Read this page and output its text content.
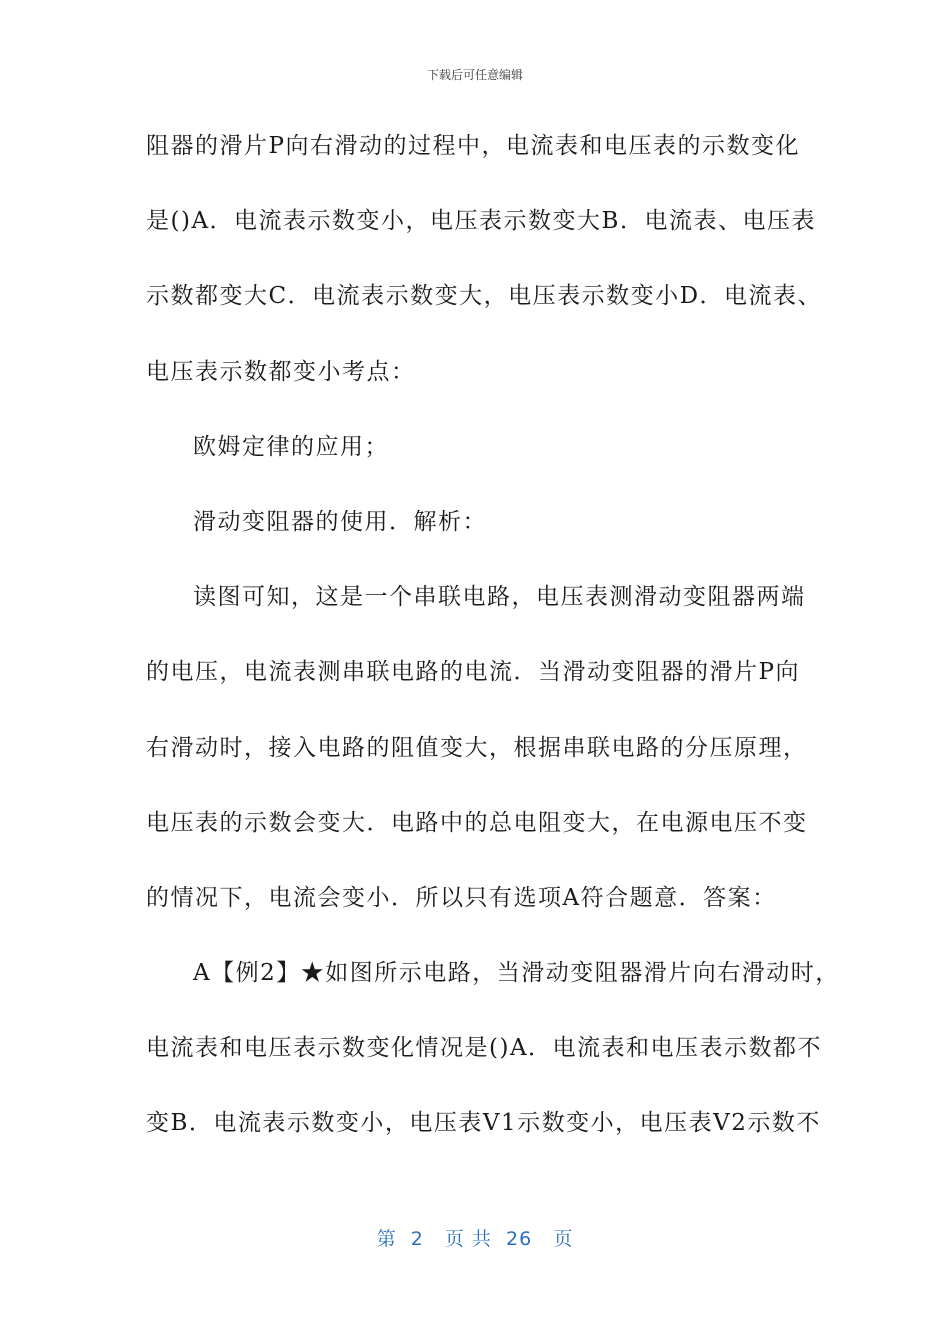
下载后可任意编辑
阻器的滑片P向右滑动的过程中，电流表和电压表的示数变化
是()A．电流表示数变小，电压表示数变大B．电流表、电压表
示数都变大C．电流表示数变大，电压表示数变小D．电流表、
电压表示数都变小考点：
欧姆定律的应用；
滑动变阻器的使用．解析：
读图可知，这是一个串联电路，电压表测滑动变阻器两端
的电压，电流表测串联电路的电流．当滑动变阻器的滑片P向
右滑动时，接入电路的阻值变大，根据串联电路的分压原理，
电压表的示数会变大．电路中的总电阻变大，在电源电压不变
的情况下，电流会变小．所以只有选项A符合题意．答案：
A【例2】★如图所示电路，当滑动变阻器滑片向右滑动时，
电流表和电压表示数变化情况是()A．电流表和电压表示数都不
变B．电流表示数变小，电压表V1示数变小，电压表V2示数不
第  2   页 共  26   页
